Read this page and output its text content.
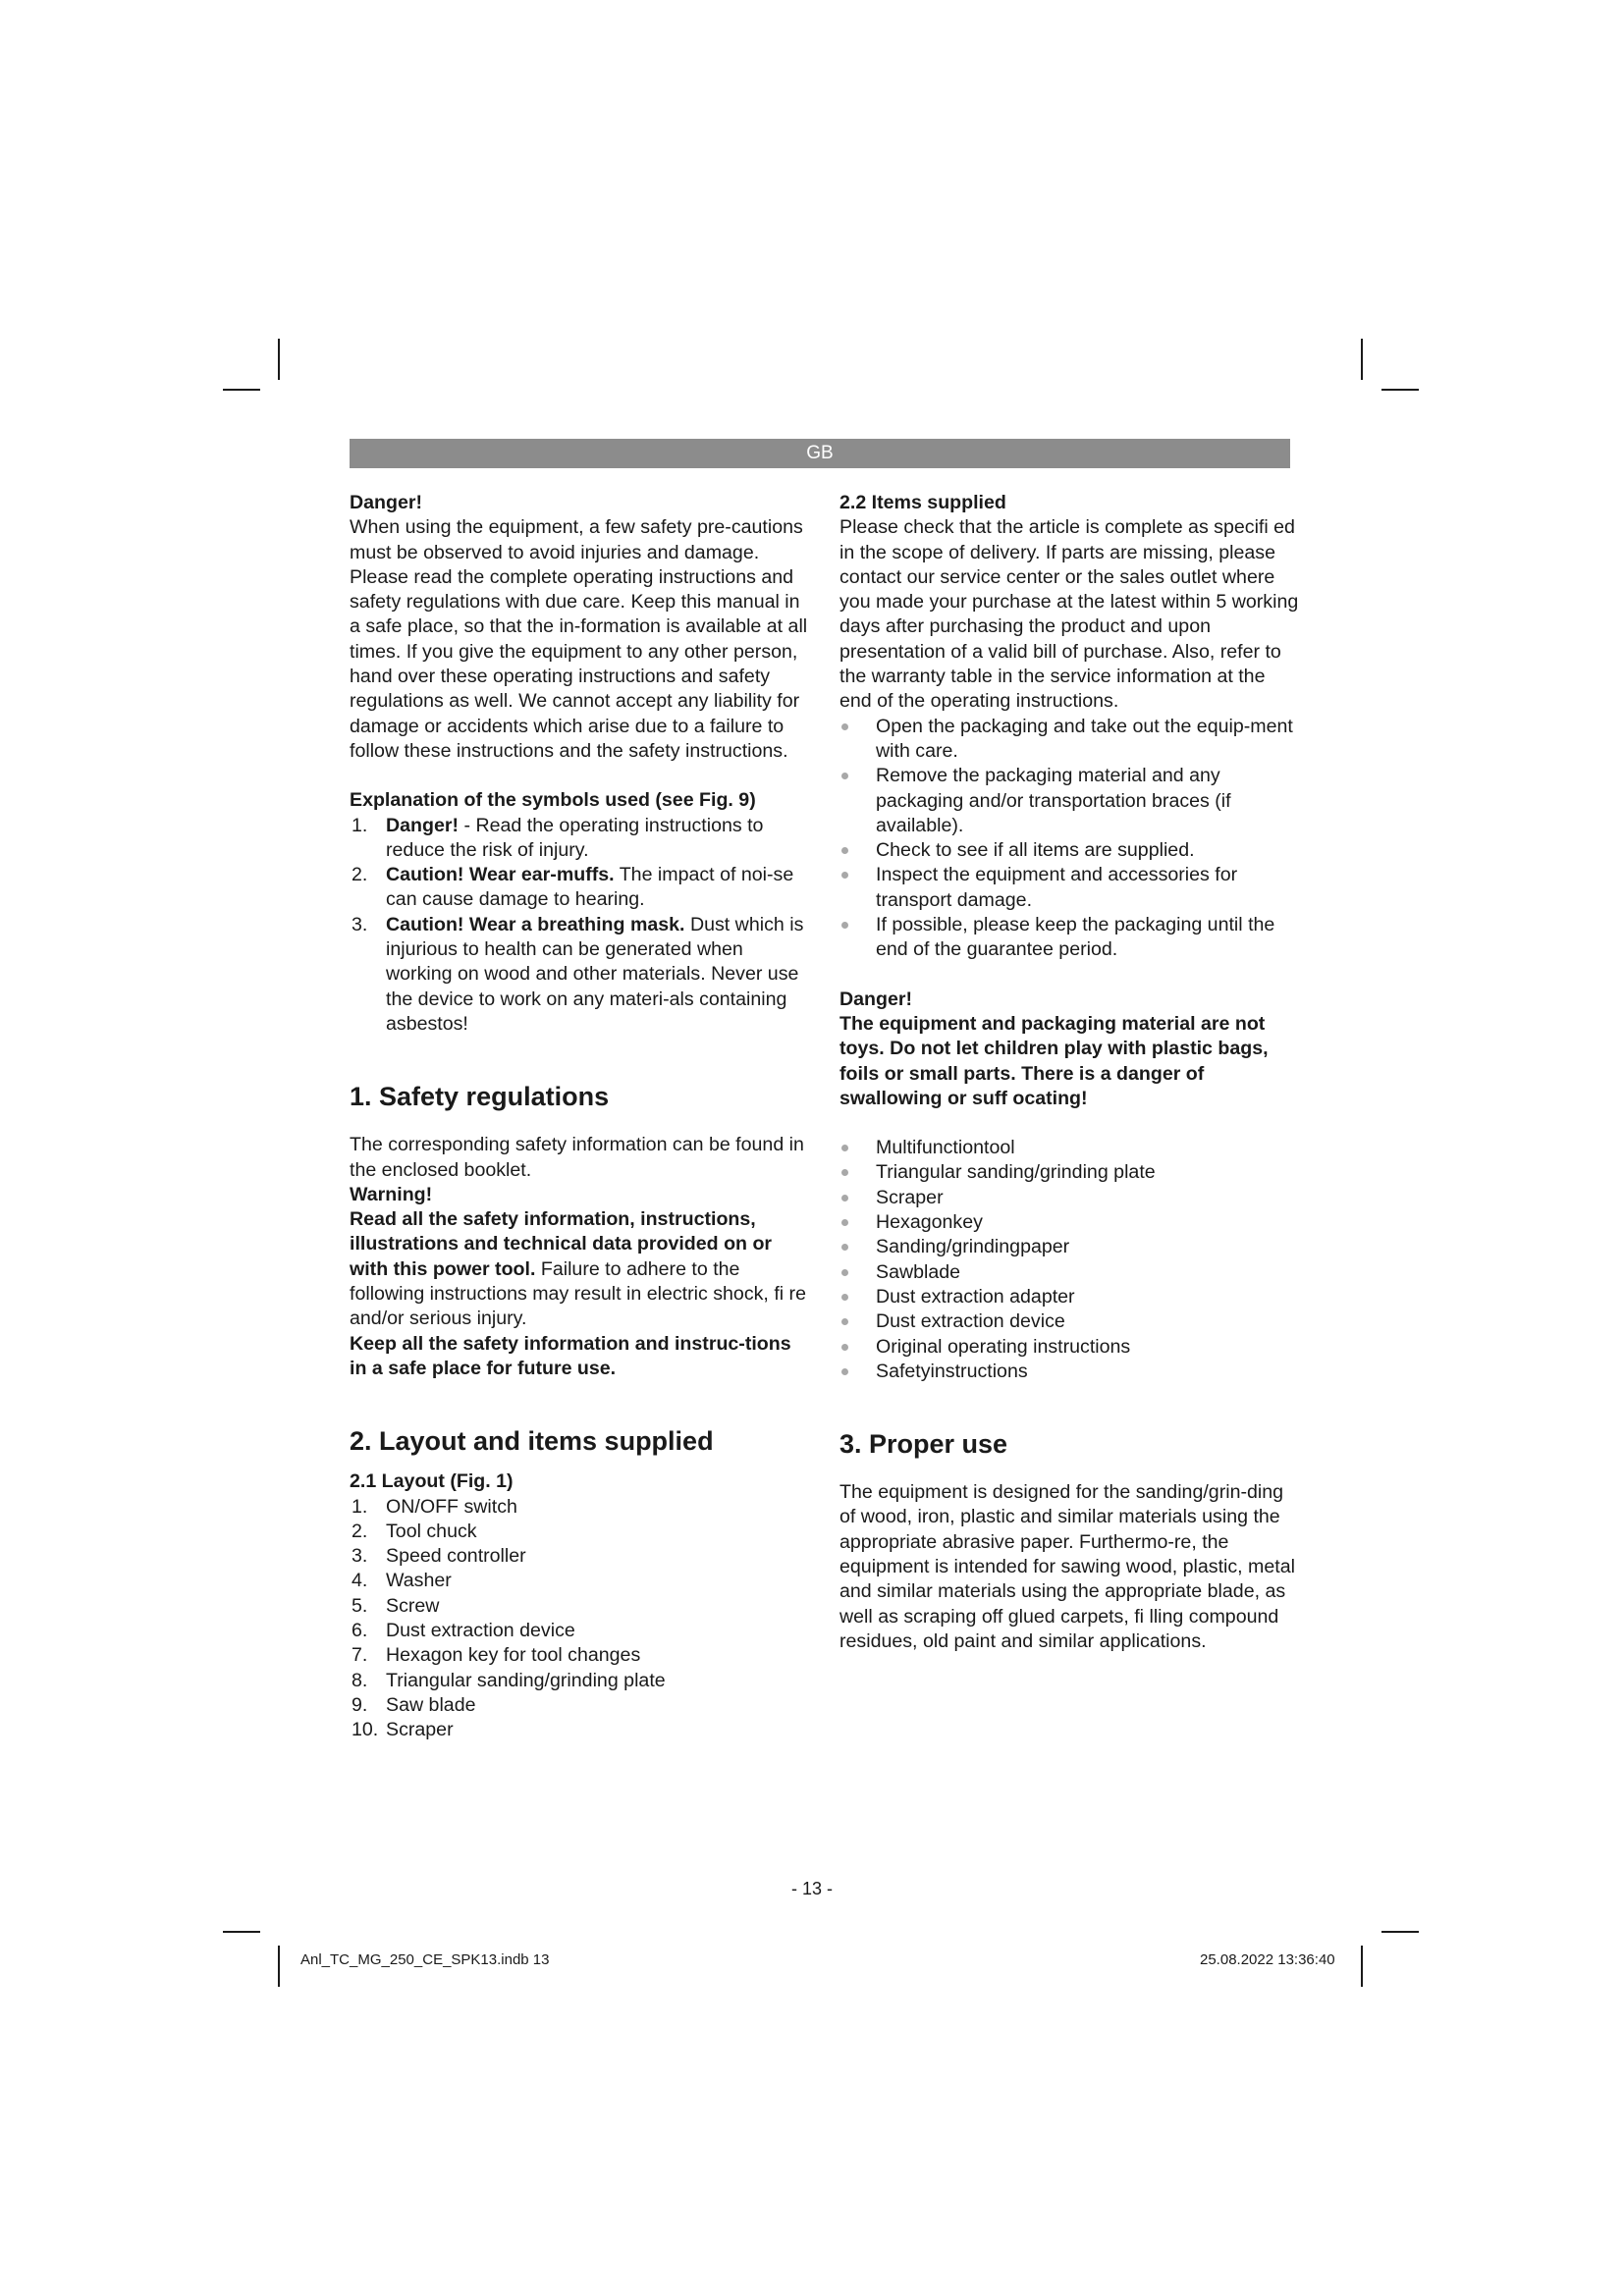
GB

Danger!

When using the equipment, a few safety pre-cautions must be observed to avoid injuries and damage. Please read the complete operating instructions and safety regulations with due care. Keep this manual in a safe place, so that the in-formation is available at all times. If you give the equipment to any other person, hand over these operating instructions and safety regulations as well. We cannot accept any liability for damage or accidents which arise due to a failure to follow these instructions and the safety instructions.

Explanation of the symbols used (see Fig. 9)

1. Danger! - Read the operating instructions to reduce the risk of injury.
2. Caution! Wear ear-muffs. The impact of noi-se can cause damage to hearing.
3. Caution! Wear a breathing mask. Dust which is injurious to health can be generated when working on wood and other materials. Never use the device to work on any materi-als containing asbestos!
1. Safety regulations

The corresponding safety information can be found in the enclosed booklet.

Warning!

Read all the safety information, instructions, illustrations and technical data provided on or with this power tool. Failure to adhere to the following instructions may result in electric shock, fi re and/or serious injury.

Keep all the safety information and instruc-tions in a safe place for future use.

2. Layout and items supplied

2.1 Layout (Fig. 1)

1. ON/OFF switch
2. Tool chuck
3. Speed controller
4. Washer
5. Screw
6. Dust extraction device
7. Hexagon key for tool changes
8. Triangular sanding/grinding plate
9. Saw blade
10. Scraper

2.2 Items supplied

Please check that the article is complete as specifi ed in the scope of delivery. If parts are missing, please contact our service center or the sales outlet where you made your purchase at the latest within 5 working days after purchasing the product and upon presentation of a valid bill of purchase. Also, refer to the warranty table in the service information at the end of the operating instructions.

Open the packaging and take out the equip-ment with care.
Remove the packaging material and any packaging and/or transportation braces (if available).
Check to see if all items are supplied.
Inspect the equipment and accessories for transport damage.
If possible, please keep the packaging until the end of the guarantee period.

Danger!

The equipment and packaging material are not toys. Do not let children play with plastic bags, foils or small parts. There is a danger of swallowing or suff ocating!

Multifunctiontool
Triangular sanding/grinding plate
Scraper
Hexagonkey
Sanding/grindingpaper
Sawblade
Dust extraction adapter
Dust extraction device
Original operating instructions
Safetyinstructions
3. Proper use

The equipment is designed for the sanding/grin-ding of wood, iron, plastic and similar materials using the appropriate abrasive paper. Furthermo-re, the equipment is intended for sawing wood, plastic, metal and similar materials using the appropriate blade, as well as scraping off glued carpets, fi lling compound residues, old paint and similar applications.

- 13 -
Anl_TC_MG_250_CE_SPK13.indb 13	25.08.2022 13:36:40
